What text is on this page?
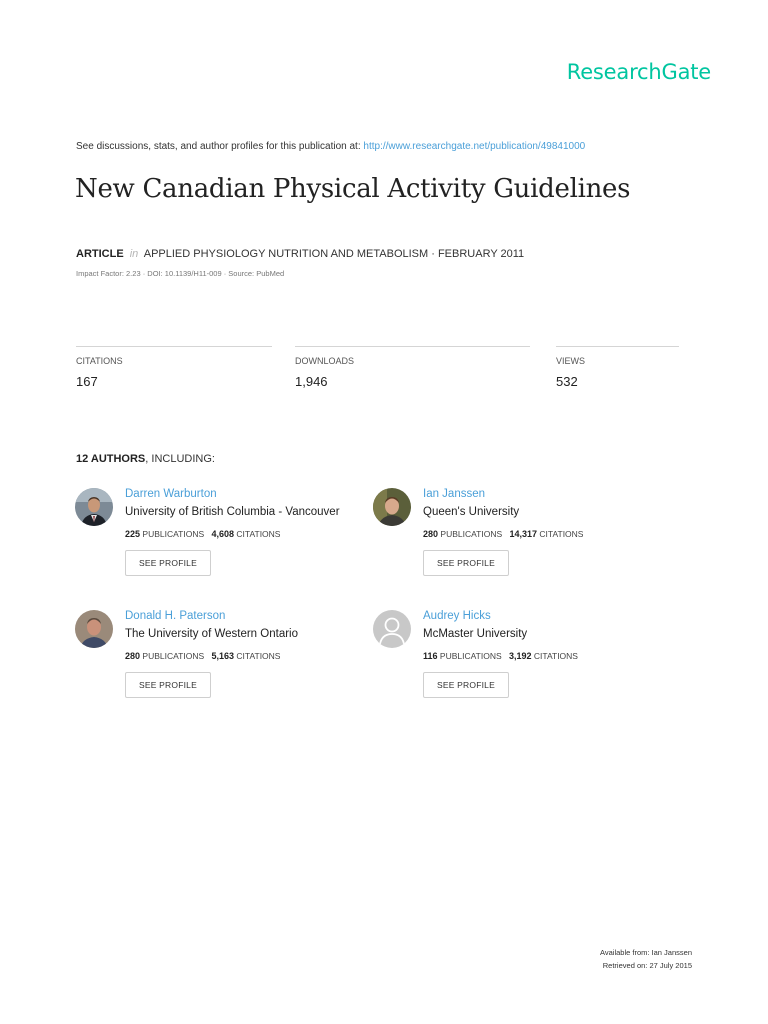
ResearchGate
See discussions, stats, and author profiles for this publication at: http://www.researchgate.net/publication/49841000
New Canadian Physical Activity Guidelines
ARTICLE in APPLIED PHYSIOLOGY NUTRITION AND METABOLISM · FEBRUARY 2011
Impact Factor: 2.23 · DOI: 10.1139/H11-009 · Source: PubMed
CITATIONS
167
DOWNLOADS
1,946
VIEWS
532
12 AUTHORS, INCLUDING:
Darren Warburton
University of British Columbia - Vancouver
225 PUBLICATIONS 4,608 CITATIONS
SEE PROFILE
Ian Janssen
Queen's University
280 PUBLICATIONS 14,317 CITATIONS
SEE PROFILE
Donald H. Paterson
The University of Western Ontario
280 PUBLICATIONS 5,163 CITATIONS
SEE PROFILE
Audrey Hicks
McMaster University
116 PUBLICATIONS 3,192 CITATIONS
SEE PROFILE
Available from: Ian Janssen
Retrieved on: 27 July 2015
